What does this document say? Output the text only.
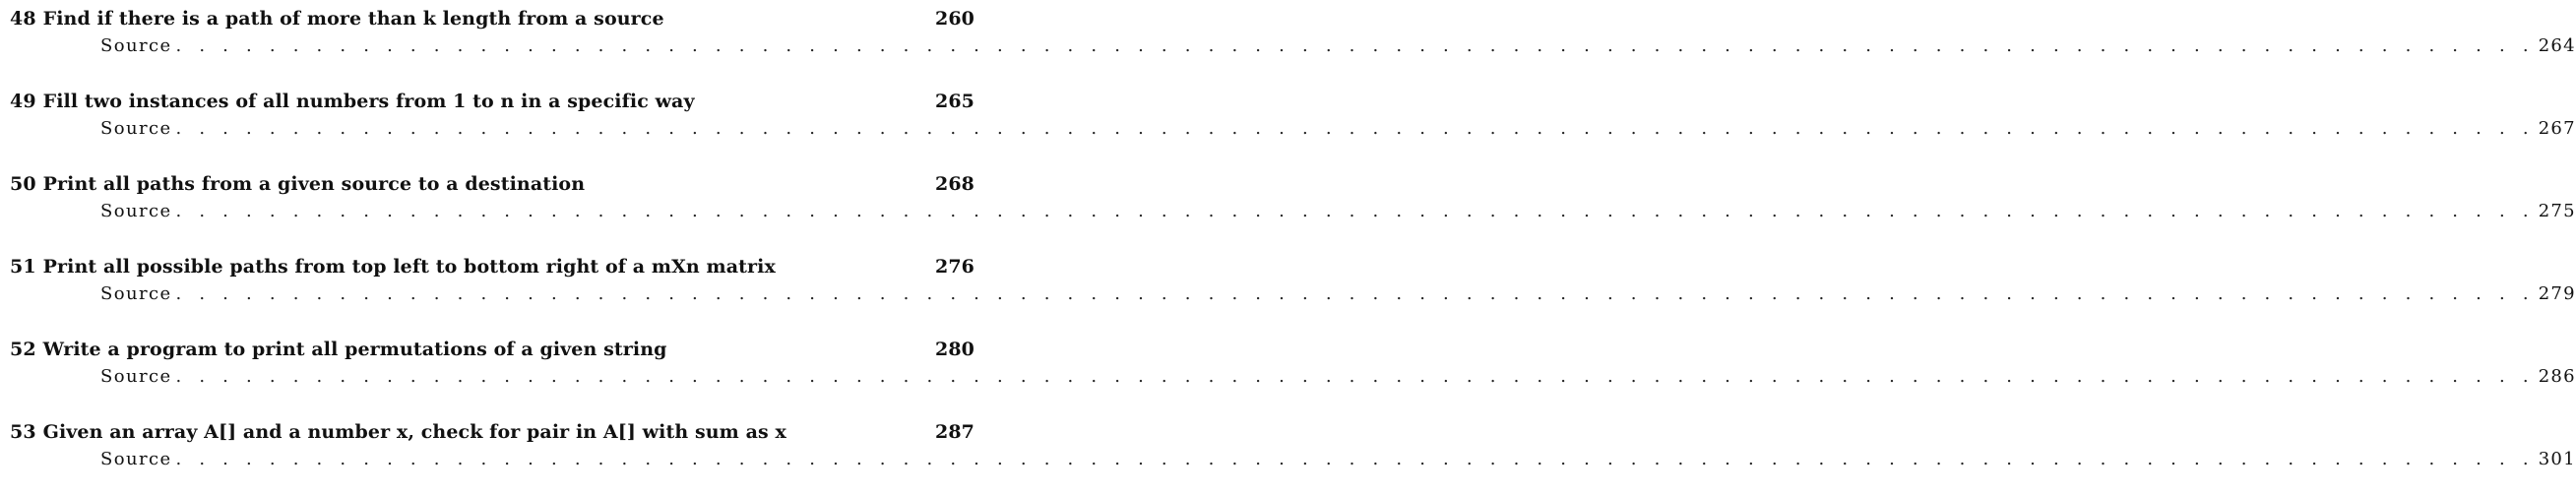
48 Find if there is a path of more than k length from a source	260
Source . . . . . . . . . . . . . . . . . . . . . . . . . . . . . . . . . . . . . . . . . . . . . . . . . . . . . . . . . . . . . . . . . . . . . . . . . . . . . . . . . . . . . . . . . . . . . . . . . . . . . 264
49 Fill two instances of all numbers from 1 to n in a specific way	265
Source . . . . . . . . . . . . . . . . . . . . . . . . . . . . . . . . . . . . . . . . . . . . . . . . . . . . . . . . . . . . . . . . . . . . . . . . . . . . . . . . . . . . . . . . . . . . . . . . . . . . . 267
50 Print all paths from a given source to a destination	268
Source . . . . . . . . . . . . . . . . . . . . . . . . . . . . . . . . . . . . . . . . . . . . . . . . . . . . . . . . . . . . . . . . . . . . . . . . . . . . . . . . . . . . . . . . . . . . . . . . . . . . . 275
51 Print all possible paths from top left to bottom right of a mXn matrix	276
Source . . . . . . . . . . . . . . . . . . . . . . . . . . . . . . . . . . . . . . . . . . . . . . . . . . . . . . . . . . . . . . . . . . . . . . . . . . . . . . . . . . . . . . . . . . . . . . . . . . . . . 279
52 Write a program to print all permutations of a given string	280
Source . . . . . . . . . . . . . . . . . . . . . . . . . . . . . . . . . . . . . . . . . . . . . . . . . . . . . . . . . . . . . . . . . . . . . . . . . . . . . . . . . . . . . . . . . . . . . . . . . . . . . 286
53 Given an array A[] and a number x, check for pair in A[] with sum as x	287
Source . . . . . . . . . . . . . . . . . . . . . . . . . . . . . . . . . . . . . . . . . . . . . . . . . . . . . . . . . . . . . . . . . . . . . . . . . . . . . . . . . . . . . . . . . . . . . . . . . . . . . 301
